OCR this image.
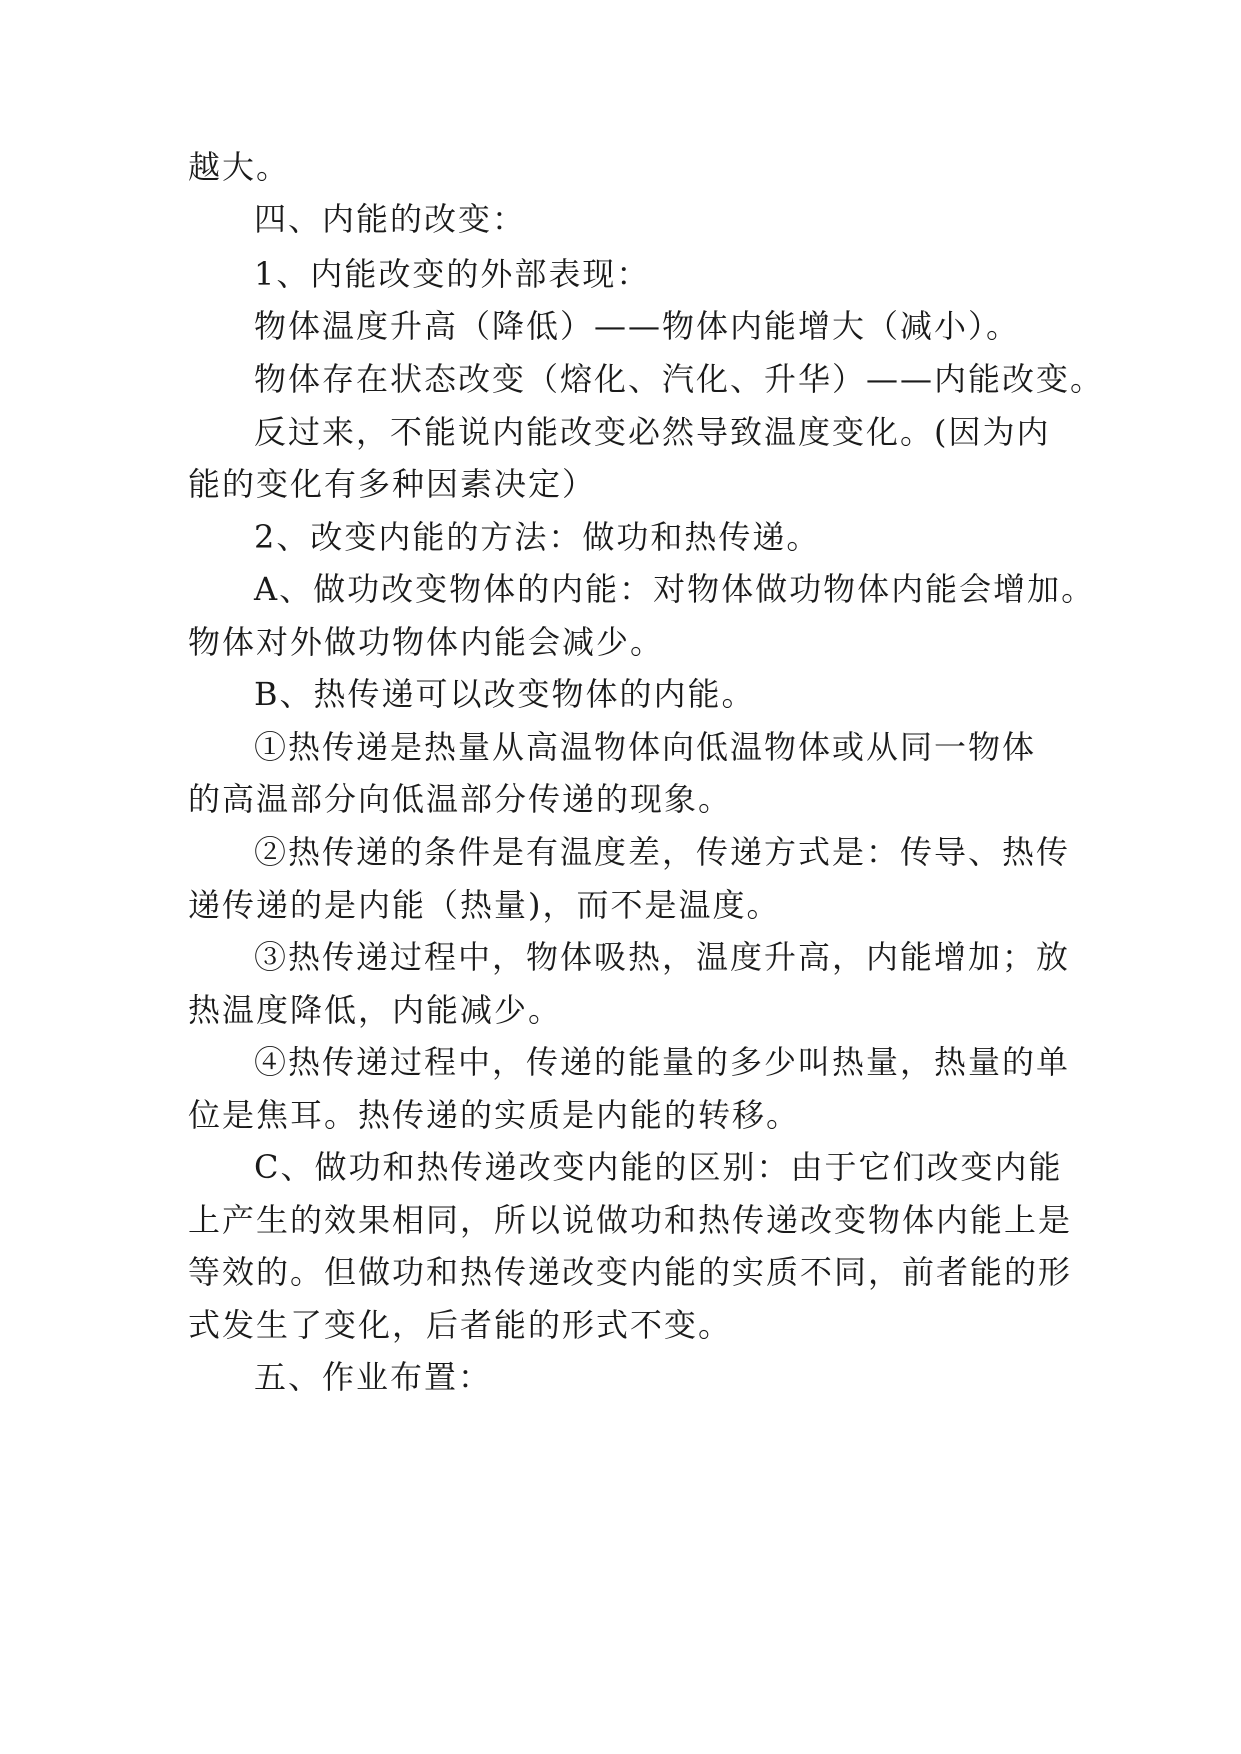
越大。
四、内能的改变：
1、内能改变的外部表现：
物体温度升高（降低）——物体内能增大（减小）。
物体存在状态改变（熔化、汽化、升华）——内能改变。
反过来，不能说内能改变必然导致温度变化。(因为内
能的变化有多种因素决定）
2、改变内能的方法：做功和热传递。
A、做功改变物体的内能：对物体做功物体内能会增加。
物体对外做功物体内能会减少。
B、热传递可以改变物体的内能。
①热传递是热量从高温物体向低温物体或从同一物体
的高温部分向低温部分传递的现象。
②热传递的条件是有温度差，传递方式是：传导、热传
递传递的是内能（热量)，而不是温度。
③热传递过程中，物体吸热，温度升高，内能增加；放
热温度降低，内能减少。
④热传递过程中，传递的能量的多少叫热量，热量的单
位是焦耳。热传递的实质是内能的转移。
C、做功和热传递改变内能的区别：由于它们改变内能
上产生的效果相同，所以说做功和热传递改变物体内能上是
等效的。但做功和热传递改变内能的实质不同，前者能的形
式发生了变化，后者能的形式不变。
五、作业布置：
